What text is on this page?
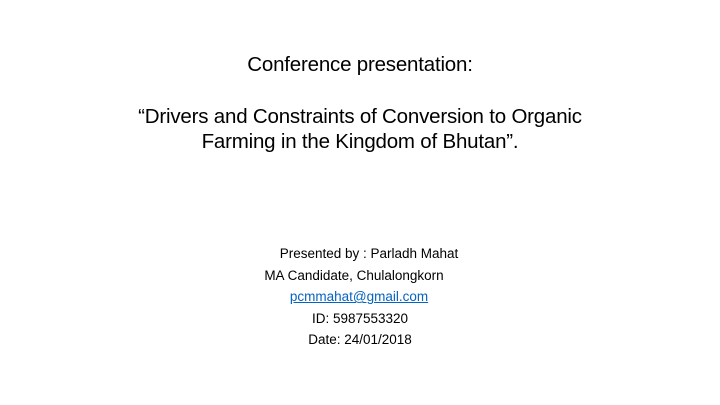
Conference presentation:
“Drivers and Constraints of Conversion to Organic
Farming in the Kingdom of Bhutan”.
Presented by : Parladh Mahat
MA Candidate, Chulalongkorn
pcmmahat@gmail.com
ID: 5987553320
Date: 24/01/2018
